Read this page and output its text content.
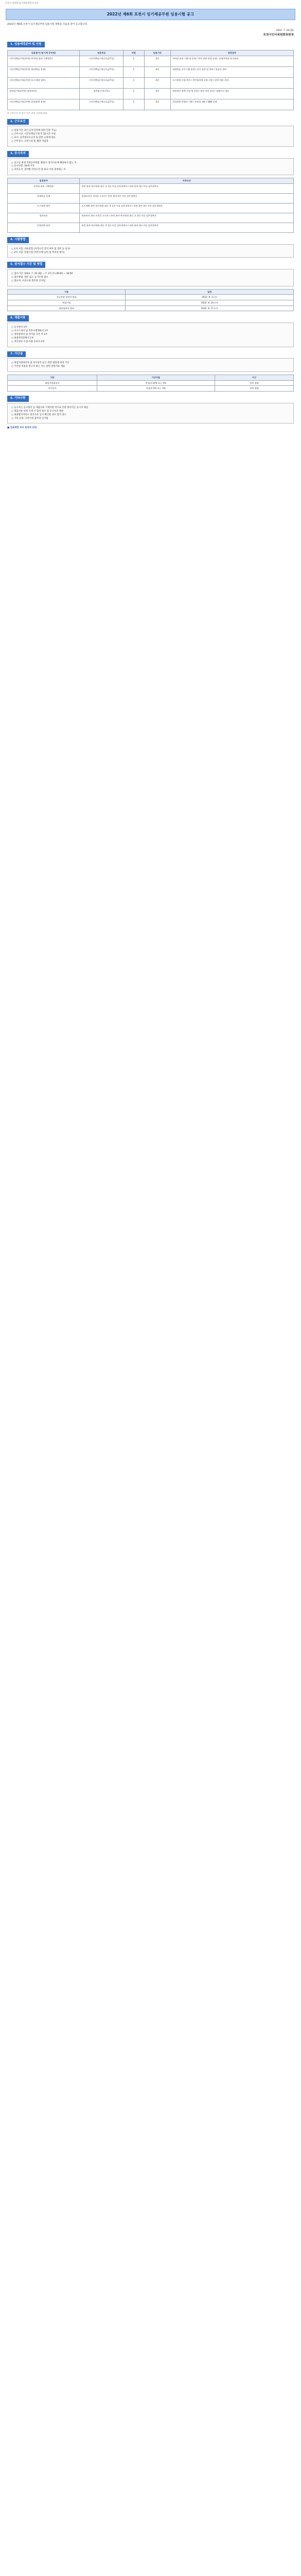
포천시 유치원 임기제공무원 공고문
2022년 제6회 포천시 임기제공무원 임용시험 공고
2022년 제6회 포천시 임기제공무원 임용시험 계획을 다음과 같이 공고합니다.
2022. 7. 18.(월)
포천시인사위원회위원장
1. 임용예정분야 및 인원
임용분야 (임기제 공무원)	임용직급	인원	임용기간	담당업무
시간선택임기제공무원 (주차장 관리 기획업무)	시간선택임기제 (다급/7급)	1	2년	주차장 관리 기획 및 운영 / 주차 관련 민원 응대 / 공영주차장 유지관리
시간선택임기제공무원 (평생학습 운영)	시간선택임기제 (다급/7급)	1	2년	평생학습 프로그램 운영 / 강사 관리 및 홍보 / 학습자 관리
시간선택임기제공무원 (도시재생 업무)	시간선택임기제 (다급/7급)	1	2년	도시재생 사업 추진 / 주민협의체 운영 지원 / 관련 예산 관리
일반임기제공무원 (정보보안)	일반임기제 (7호)	1	2년	정보보안 정책 수립 및 운영 / 보안 장비 관리 / 침해사고 대응
시간선택임기제공무원 (문화관광 홍보)	시간선택임기제 (다급/7급)	1	2년	문화관광 콘텐츠 기획 / 홍보물 제작 / SNS 운영
※ 근무시간 및 보수 등은 관련 규정에 따름
2. 근무조건
○ 임용기간: 2년 (근무실적에 따라 연장 가능)
○ 근무시간: 시간선택임기제 주 35시간 이내
○ 보수: 공무원보수규정 및 관련 규정에 따름
○ 근무장소: 포천시청 및 해당 사업장
3. 응시자격
○ 공고일 현재 지방공무원법 제31조 결격사유에 해당하지 않는 자
○ 응시연령: 18세 이상
○ 자격요건: 분야별 자격요건 중 하나 이상 충족하는 자
임용분야	자격요건
주차장 관리 기획업무	관련 분야 학사학위 취득 후 1년 이상 실무경력자 / 관련 분야 3년 이상 실무경력자
평생학습 운영	평생교육사 자격증 소지자 / 관련 분야 2년 이상 실무경력자
도시재생 업무	도시계획 관련 학사학위 취득 후 1년 이상 실무경력자 / 관련 분야 3년 이상 실무경력자
정보보안	정보보안 관련 자격증 소지자 / 관련 분야 학사학위 취득 후 2년 이상 실무경력자
문화관광 홍보	관련 분야 학사학위 취득 후 1년 이상 실무경력자 / 관련 분야 3년 이상 실무경력자
4. 시험방법
○ 1차 시험: 서류전형 (자격요건 적격 여부 및 경력 등 심사)
○ 2차 시험: 면접시험 (직무수행 능력 및 적격성 평가)
5. 원서접수 기간 및 방법
○ 접수기간: 2022. 7. 25.(월) ~ 7. 27.(수) 09:00 ~ 18:00
○ 접수방법: 방문 또는 등기우편 접수
○ 접수처: 포천시청 총무과 인사팀
구분	일정
서류전형 합격자 발표	2022. 8. 3.(수)
면접시험	2022. 8. 10.(수)
최종합격자 발표	2022. 8. 17.(수)
6. 제출서류
○ 응시원서 1부
○ 자기소개서 및 직무수행계획서 1부
○ 경력증명서 및 자격증 사본 각 1부
○ 최종학력증명서 1부
○ 개인정보 수집·이용 동의서 1부
7. 가산점
○ 취업지원대상자 및 의사상자 등은 관련 법령에 따라 가산
○ 가산점 적용을 받고자 하는 자는 관련 증빙서류 제출
구분	가산비율	비고
취업지원대상자	만점의 10% 또는 5%	관련 법령
의사상자	만점의 5% 또는 3%	관련 법령
8. 기타사항
○ 응시자는 응시원서 등 제출서류 기재사항 착오로 인한 불이익은 응시자 책임
○ 제출서류 허위 기재 시 합격 취소 및 응시자격 제한
○ 최종합격자라도 결격사유 등이 확인될 경우 합격 취소
○ 기타 문의: 포천시청 총무과 인사팀
■ 임용예정 부서 문의처 안내
